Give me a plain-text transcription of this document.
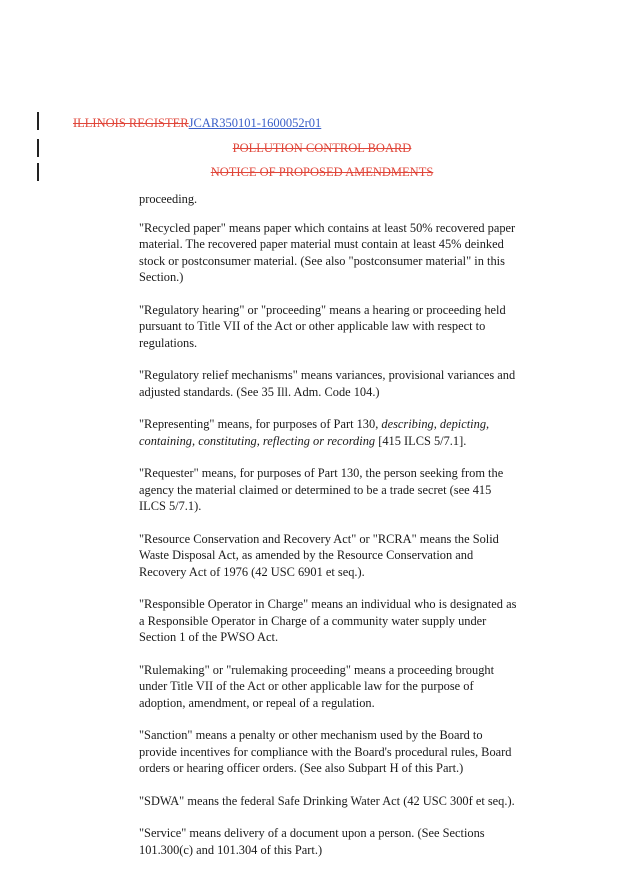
ILLINOIS REGISTERJCAR350101-1600052r01
POLLUTION CONTROL BOARD
NOTICE OF PROPOSED AMENDMENTS

proceeding.

"Recycled paper" means paper which contains at least 50% recovered paper material. The recovered paper material must contain at least 45% deinked stock or postconsumer material. (See also "postconsumer material" in this Section.)

"Regulatory hearing" or "proceeding" means a hearing or proceeding held pursuant to Title VII of the Act or other applicable law with respect to regulations.

"Regulatory relief mechanisms" means variances, provisional variances and adjusted standards. (See 35 Ill. Adm. Code 104.)

"Representing" means, for purposes of Part 130, describing, depicting, containing, constituting, reflecting or recording [415 ILCS 5/7.1].

"Requester" means, for purposes of Part 130, the person seeking from the agency the material claimed or determined to be a trade secret (see 415 ILCS 5/7.1).

"Resource Conservation and Recovery Act" or "RCRA" means the Solid Waste Disposal Act, as amended by the Resource Conservation and Recovery Act of 1976 (42 USC 6901 et seq.).

"Responsible Operator in Charge" means an individual who is designated as a Responsible Operator in Charge of a community water supply under Section 1 of the PWSO Act.

"Rulemaking" or "rulemaking proceeding" means a proceeding brought under Title VII of the Act or other applicable law for the purpose of adoption, amendment, or repeal of a regulation.

"Sanction" means a penalty or other mechanism used by the Board to provide incentives for compliance with the Board's procedural rules, Board orders or hearing officer orders. (See also Subpart H of this Part.)

"SDWA" means the federal Safe Drinking Water Act (42 USC 300f et seq.).

"Service" means delivery of a document upon a person. (See Sections 101.300(c) and 101.304 of this Part.)
